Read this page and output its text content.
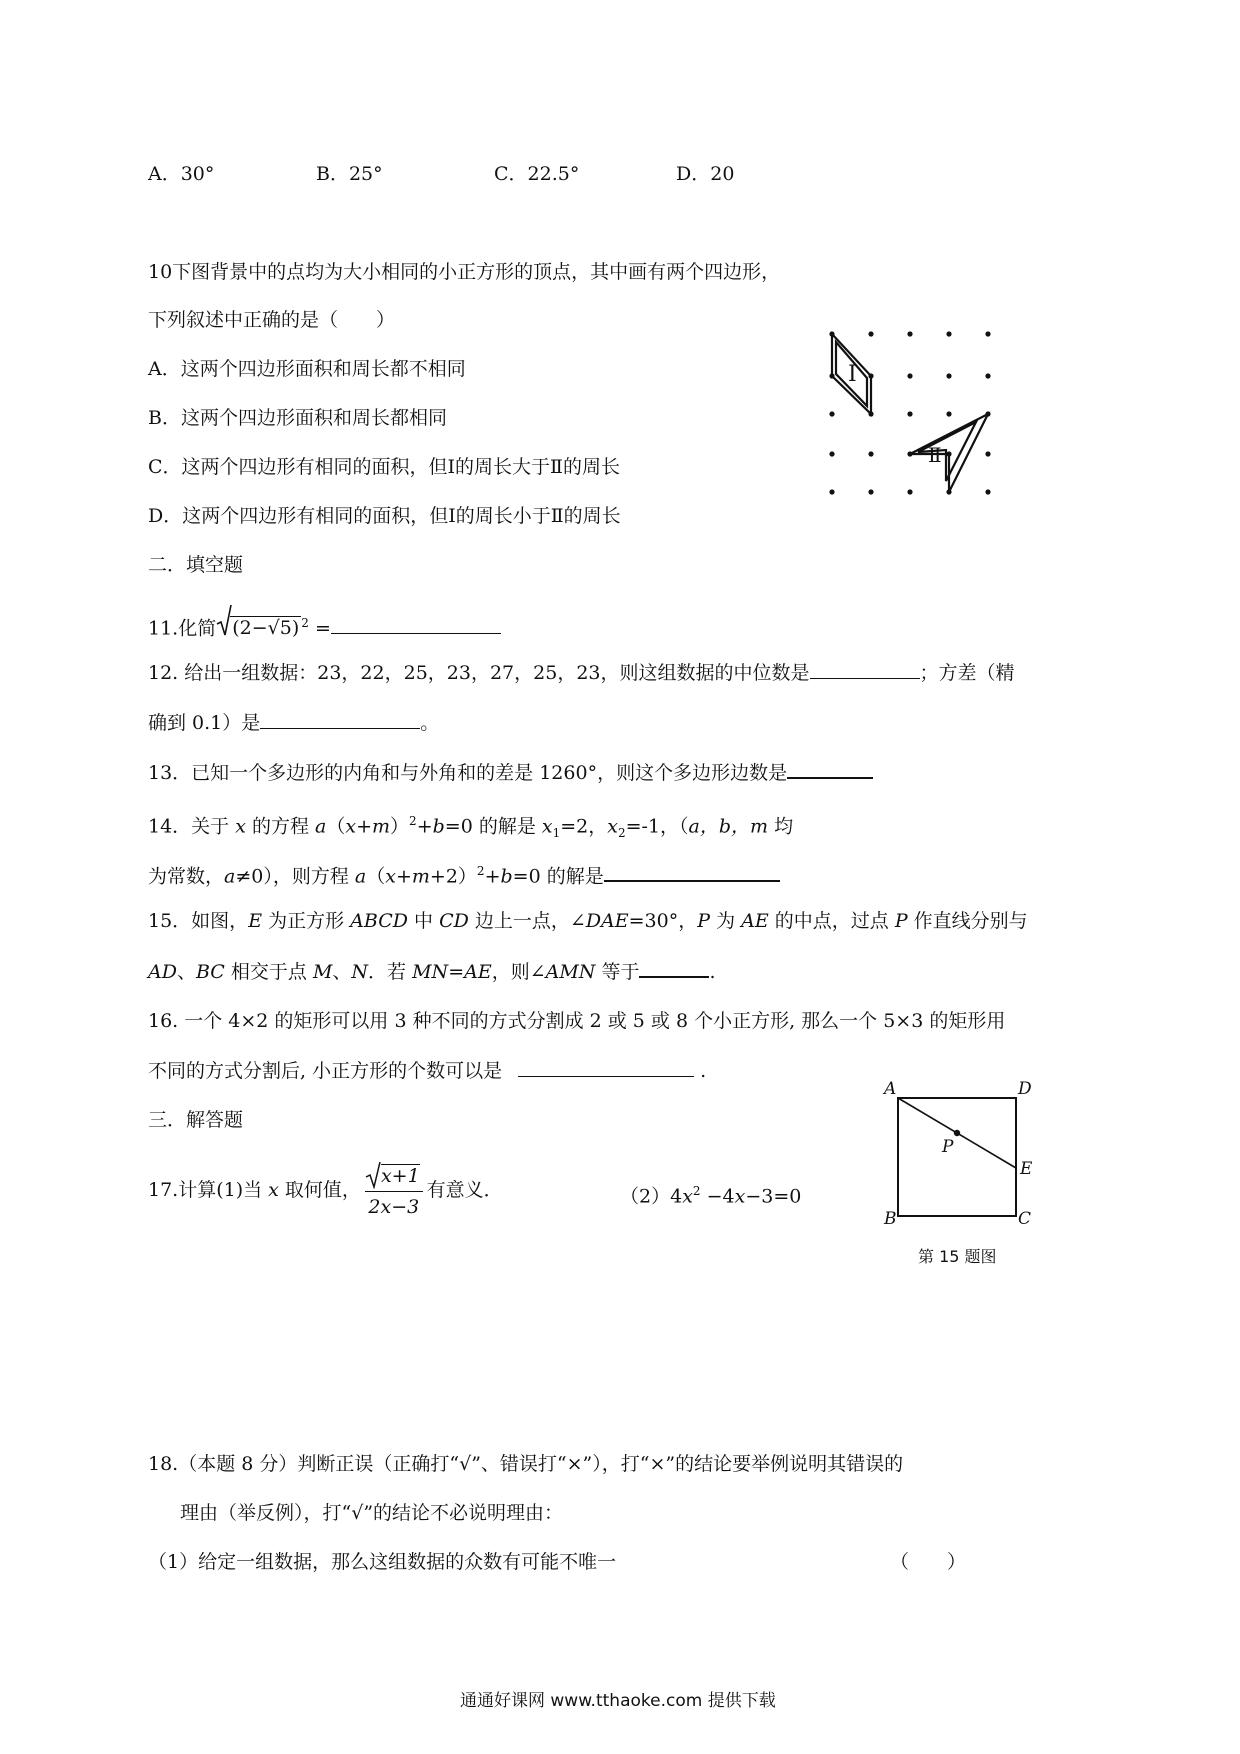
A．30°	B．25°	C．22.5°	D．20
10下图背景中的点均为大小相同的小正方形的顶点，其中画有两个四边形，
下列叙述中正确的是（　　）
A．这两个四边形面积和周长都不相同
B．这两个四边形面积和周长都相同
C．这两个四边形有相同的面积，但Ⅰ的周长大于Ⅱ的周长
D．这两个四边形有相同的面积，但Ⅰ的周长小于Ⅱ的周长
Ⅰ
Ⅱ
二．填空题
11.化简 (2−√5) $^2$ =
12. 给出一组数据：23，22，25，23，27，25，23，则这组数据的中位数是	；方差（精
确到 0.1）是	。
13．已知一个多边形的内角和与外角和的差是 1260°，则这个多边形边数是
14．关于 x 的方程 $a(x+m)^2+b=0$ 的解是 $x_1=2$，$x_2=-1$，（a，b，m 均
为常数，a≠0），则方程 $a(x+m+2)^2+b=0$ 的解是
15．如图，E 为正方形 ABCD 中 CD 边上一点，∠DAE=30°，P 为 AE 的中点，过点 P 作直线分别与
AD、BC 相交于点 M、N．若 MN=AE，则∠AMN 等于	.
16. 一个 4×2 的矩形可以用 3 种不同的方式分割成 2 或 5 或 8 个小正方形, 那么一个 5×3 的矩形用
不同的方式分割后, 小正方形的个数可以是	.
三．解答题
A	D
P
E
B	C
第 15 题图
17.计算(1)当 x 取何值， $\frac{x+1}{2x-3}$ 有意义．	$(2)4x^2 -4x-3=0$
18.（本题 8 分）判断正误（正确打“√”、错误打“×”），打“×”的结论要举例说明其错误的
理由（举反例），打“√”的结论不必说明理由：
（1）给定一组数据，那么这组数据的众数有可能不唯一	（　　）
通通好课网 www.tthaoke.com 提供下载
